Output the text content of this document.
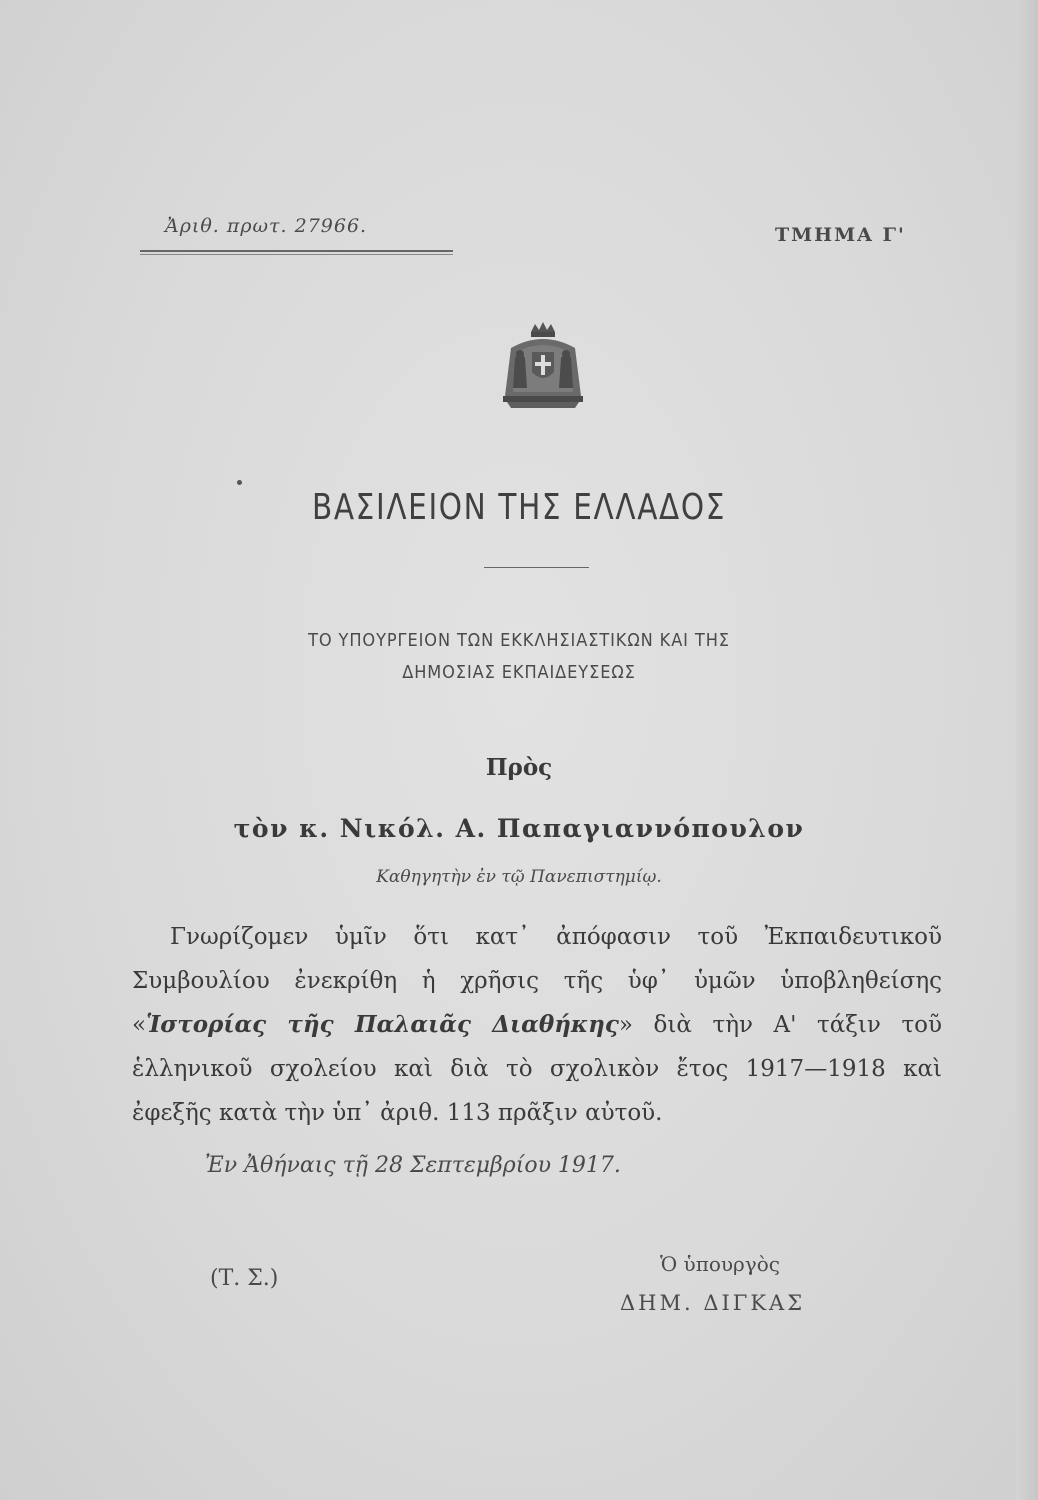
Ἀριθ. πρωτ. 27966.	ΤΜΗΜΑ Γ'
ΒΑΣΙΛΕΙΟΝ ΤΗΣ ΕΛΛΑΔΟΣ
ΤΟ ΥΠΟΥΡΓΕΙΟΝ ΤΩΝ ΕΚΚΛΗΣΙΑΣΤΙΚΩΝ ΚΑΙ ΤΗΣ
ΔΗΜΟΣΙΑΣ ΕΚΠΑΙΔΕΥΣΕΩΣ
Πρὸς
τὸν κ. Νικόλ. Α. Παπαγιαννόπουλον
Καθηγητὴν ἐν τῷ Πανεπιστημίῳ.

Γνωρίζομεν ὑμῖν ὅτι κατ᾽ ἀπόφασιν τοῦ Ἐκπαιδευτικοῦ Συμβουλίου ἐνεκρίθη ἡ χρῆσις τῆς ὑφ᾽ ὑμῶν ὑποβληθείσης «Ἱστορίας τῆς Παλαιᾶς Διαθήκης» διὰ τὴν Α' τάξιν τοῦ ἑλληνικοῦ σχολείου καὶ διὰ τὸ σχολικὸν ἔτος 1917—1918 καὶ ἐφεξῆς κατὰ τὴν ὑπ᾽ ἀριθ. 113 πρᾶξιν αὐτοῦ.

Ἐν Ἀθήναις τῇ 28 Σεπτεμβρίου 1917.
(Τ. Σ.)
Ὁ ὑπουργὸς
ΔΗΜ. ΔΙΓΚΑΣ
